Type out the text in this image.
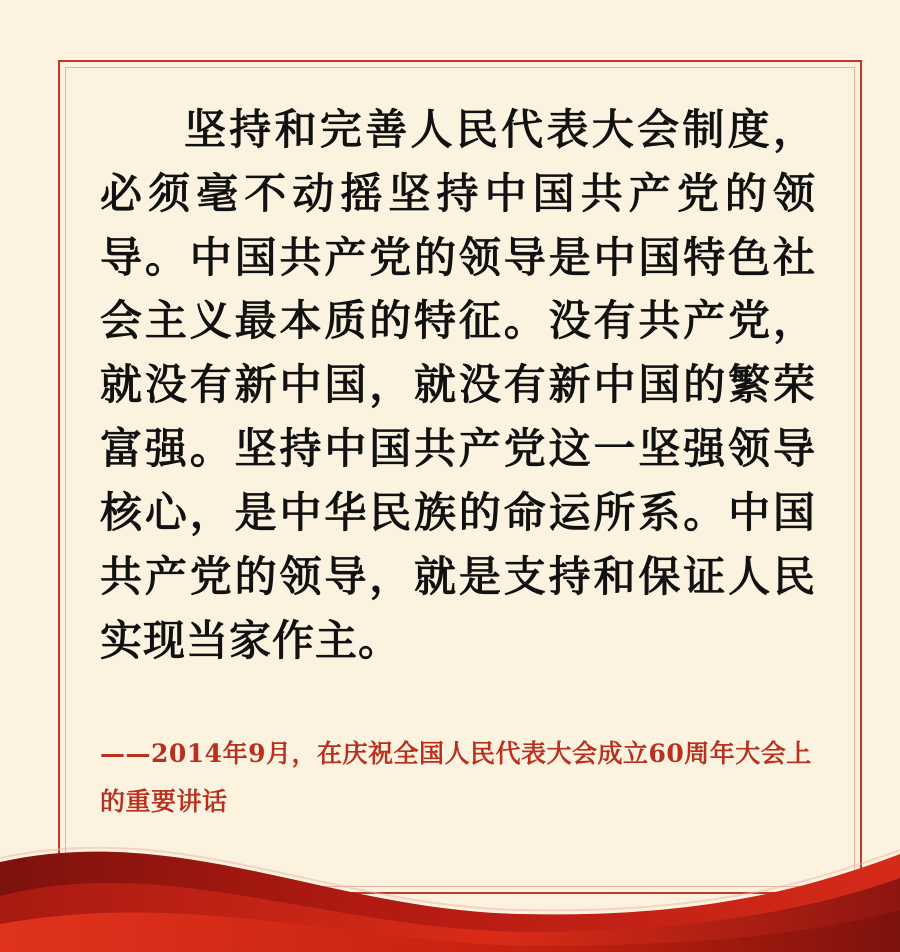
坚持和完善人民代表大会制度，必须毫不动摇坚持中国共产党的领导。中国共产党的领导是中国特色社会主义最本质的特征。没有共产党，就没有新中国，就没有新中国的繁荣富强。坚持中国共产党这一坚强领导核心，是中华民族的命运所系。中国共产党的领导，就是支持和保证人民实现当家作主。

——2014年9月，在庆祝全国人民代表大会成立60周年大会上的重要讲话
